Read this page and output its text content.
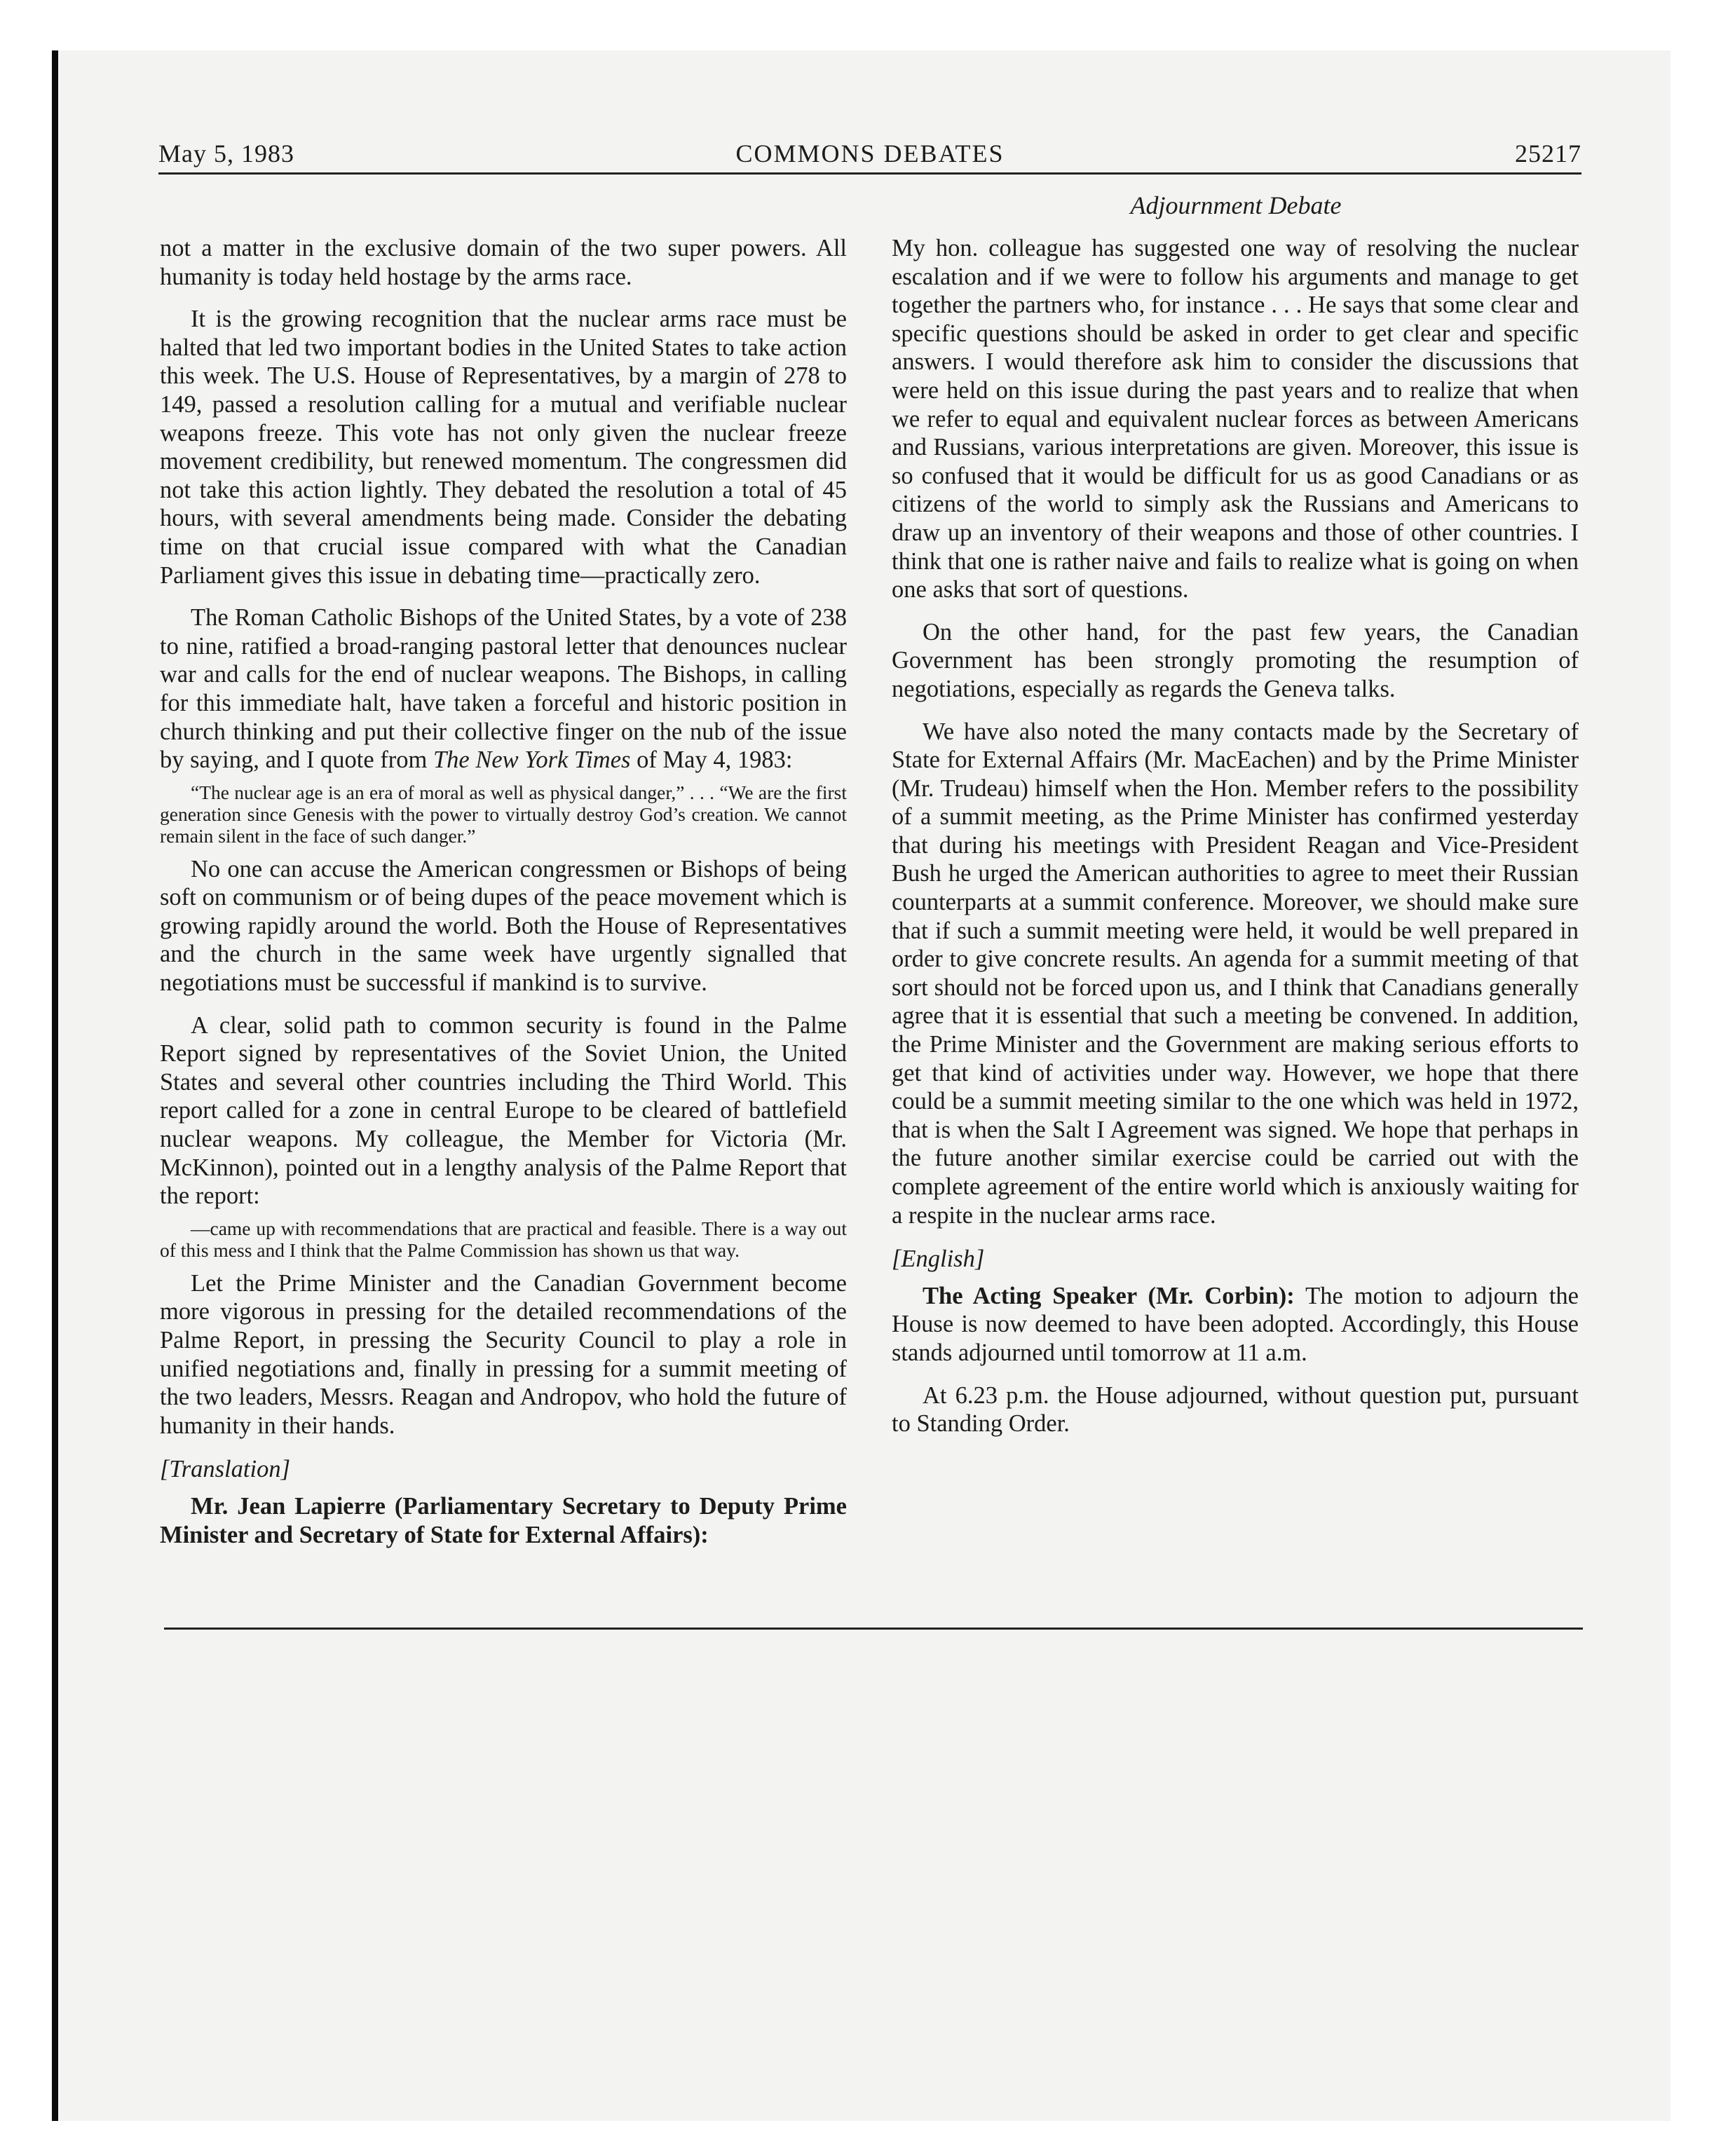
May 5, 1983	COMMONS DEBATES	25217
Adjournment Debate

not a matter in the exclusive domain of the two super powers. All humanity is today held hostage by the arms race.

It is the growing recognition that the nuclear arms race must be halted that led two important bodies in the United States to take action this week. The U.S. House of Representatives, by a margin of 278 to 149, passed a resolution calling for a mutual and verifiable nuclear weapons freeze. This vote has not only given the nuclear freeze movement credibility, but renewed momentum. The congressmen did not take this action lightly. They debated the resolution a total of 45 hours, with several amendments being made. Consider the debating time on that crucial issue compared with what the Canadian Parliament gives this issue in debating time—practically zero.

The Roman Catholic Bishops of the United States, by a vote of 238 to nine, ratified a broad-ranging pastoral letter that denounces nuclear war and calls for the end of nuclear weapons. The Bishops, in calling for this immediate halt, have taken a forceful and historic position in church thinking and put their collective finger on the nub of the issue by saying, and I quote from The New York Times of May 4, 1983:

“The nuclear age is an era of moral as well as physical danger,” . . . “We are the first generation since Genesis with the power to virtually destroy God’s creation. We cannot remain silent in the face of such danger.”

No one can accuse the American congressmen or Bishops of being soft on communism or of being dupes of the peace movement which is growing rapidly around the world. Both the House of Representatives and the church in the same week have urgently signalled that negotiations must be successful if mankind is to survive.

A clear, solid path to common security is found in the Palme Report signed by representatives of the Soviet Union, the United States and several other countries including the Third World. This report called for a zone in central Europe to be cleared of battlefield nuclear weapons. My colleague, the Member for Victoria (Mr. McKinnon), pointed out in a lengthy analysis of the Palme Report that the report:

—came up with recommendations that are practical and feasible. There is a way out of this mess and I think that the Palme Commission has shown us that way.

Let the Prime Minister and the Canadian Government become more vigorous in pressing for the detailed recommendations of the Palme Report, in pressing the Security Council to play a role in unified negotiations and, finally in pressing for a summit meeting of the two leaders, Messrs. Reagan and Andropov, who hold the future of humanity in their hands.

[Translation]

Mr. Jean Lapierre (Parliamentary Secretary to Deputy Prime Minister and Secretary of State for External Affairs):

My hon. colleague has suggested one way of resolving the nuclear escalation and if we were to follow his arguments and manage to get together the partners who, for instance . . . He says that some clear and specific questions should be asked in order to get clear and specific answers. I would therefore ask him to consider the discussions that were held on this issue during the past years and to realize that when we refer to equal and equivalent nuclear forces as between Americans and Russians, various interpretations are given. Moreover, this issue is so confused that it would be difficult for us as good Canadians or as citizens of the world to simply ask the Russians and Americans to draw up an inventory of their weapons and those of other countries. I think that one is rather naive and fails to realize what is going on when one asks that sort of questions.

On the other hand, for the past few years, the Canadian Government has been strongly promoting the resumption of negotiations, especially as regards the Geneva talks.

We have also noted the many contacts made by the Secretary of State for External Affairs (Mr. MacEachen) and by the Prime Minister (Mr. Trudeau) himself when the Hon. Member refers to the possibility of a summit meeting, as the Prime Minister has confirmed yesterday that during his meetings with President Reagan and Vice-President Bush he urged the American authorities to agree to meet their Russian counterparts at a summit conference. Moreover, we should make sure that if such a summit meeting were held, it would be well prepared in order to give concrete results. An agenda for a summit meeting of that sort should not be forced upon us, and I think that Canadians generally agree that it is essential that such a meeting be convened. In addition, the Prime Minister and the Government are making serious efforts to get that kind of activities under way. However, we hope that there could be a summit meeting similar to the one which was held in 1972, that is when the Salt I Agreement was signed. We hope that perhaps in the future another similar exercise could be carried out with the complete agreement of the entire world which is anxiously waiting for a respite in the nuclear arms race.

[English]

The Acting Speaker (Mr. Corbin): The motion to adjourn the House is now deemed to have been adopted. Accordingly, this House stands adjourned until tomorrow at 11 a.m.

At 6.23 p.m. the House adjourned, without question put, pursuant to Standing Order.
